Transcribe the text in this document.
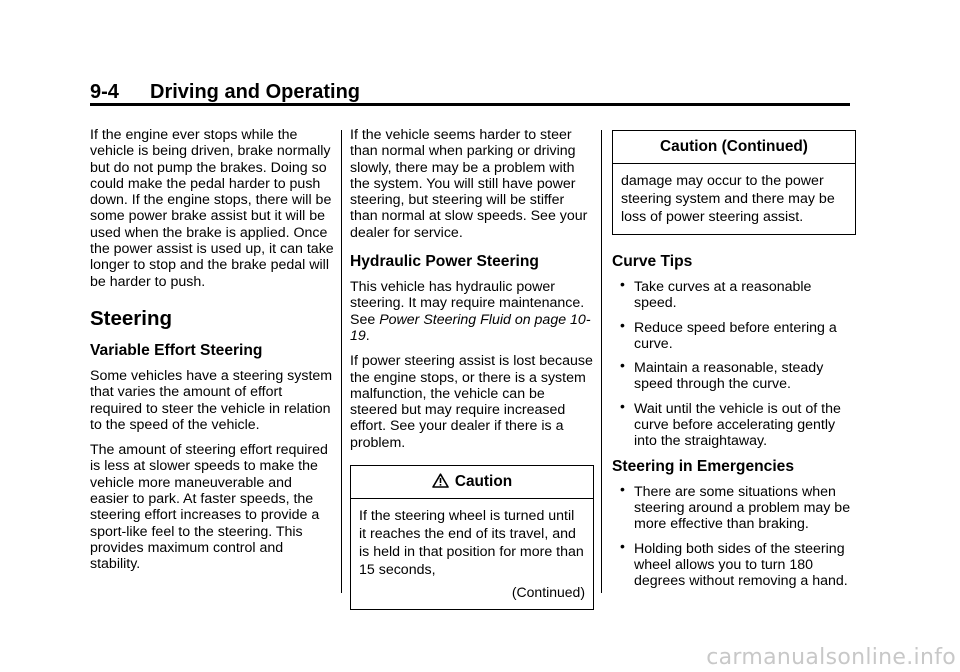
9-4 Driving and Operating

If the engine ever stops while the vehicle is being driven, brake normally but do not pump the brakes. Doing so could make the pedal harder to push down. If the engine stops, there will be some power brake assist but it will be used when the brake is applied. Once the power assist is used up, it can take longer to stop and the brake pedal will be harder to push.

Steering
Variable Effort Steering

Some vehicles have a steering system that varies the amount of effort required to steer the vehicle in relation to the speed of the vehicle.

The amount of steering effort required is less at slower speeds to make the vehicle more maneuverable and easier to park. At faster speeds, the steering effort increases to provide a sport-like feel to the steering. This provides maximum control and stability.

If the vehicle seems harder to steer than normal when parking or driving slowly, there may be a problem with the system. You will still have power steering, but steering will be stiffer than normal at slow speeds. See your dealer for service.

Hydraulic Power Steering

This vehicle has hydraulic power steering. It may require maintenance. See Power Steering Fluid on page 10-19.

If power steering assist is lost because the engine stops, or there is a system malfunction, the vehicle can be steered but may require increased effort. See your dealer if there is a problem.

Caution

If the steering wheel is turned until it reaches the end of its travel, and is held in that position for more than 15 seconds,

(Continued)

Caution (Continued)

damage may occur to the power steering system and there may be loss of power steering assist.

Curve Tips
• Take curves at a reasonable speed.
• Reduce speed before entering a curve.
• Maintain a reasonable, steady speed through the curve.
• Wait until the vehicle is out of the curve before accelerating gently into the straightaway.
Steering in Emergencies
• There are some situations when steering around a problem may be more effective than braking.
• Holding both sides of the steering wheel allows you to turn 180 degrees without removing a hand.
carmanualsonline.info
